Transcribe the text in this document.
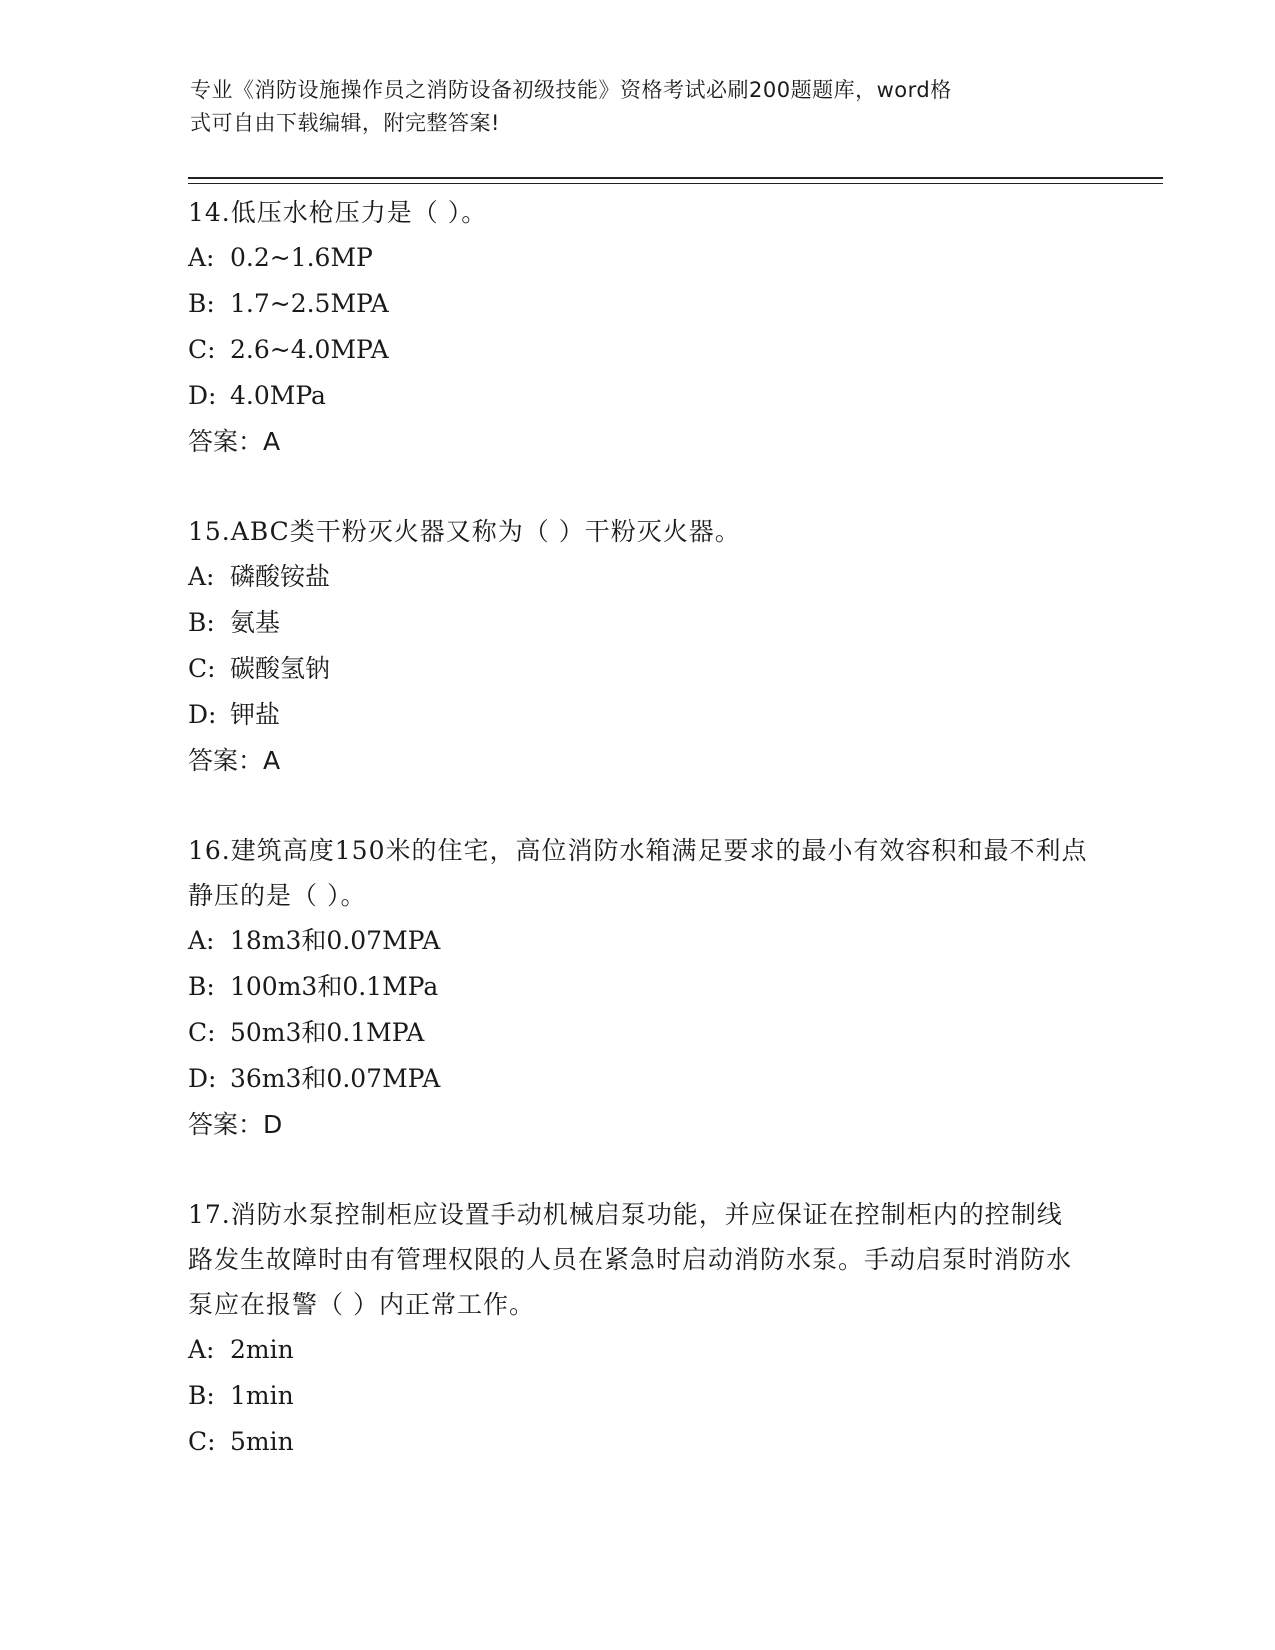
专业《消防设施操作员之消防设备初级技能》资格考试必刷200题题库，word格
式可自由下载编辑，附完整答案!
14.低压水枪压力是（ ）。
A: 0.2~1.6MP
B: 1.7~2.5MPA
C: 2.6~4.0MPA
D: 4.0MPa
答案：A
15.ABC类干粉灭火器又称为（ ）干粉灭火器。
A: 磷酸铵盐
B: 氨基
C: 碳酸氢钠
D: 钾盐
答案：A
16.建筑高度150米的住宅，高位消防水箱满足要求的最小有效容积和最不利点静压的是（ ）。
A: 18m3和0.07MPA
B: 100m3和0.1MPa
C: 50m3和0.1MPA
D: 36m3和0.07MPA
答案：D
17.消防水泵控制柜应设置手动机械启泵功能，并应保证在控制柜内的控制线路发生故障时由有管理权限的人员在紧急时启动消防水泵。手动启泵时消防水泵应在报警（ ）内正常工作。
A: 2min
B: 1min
C: 5min
